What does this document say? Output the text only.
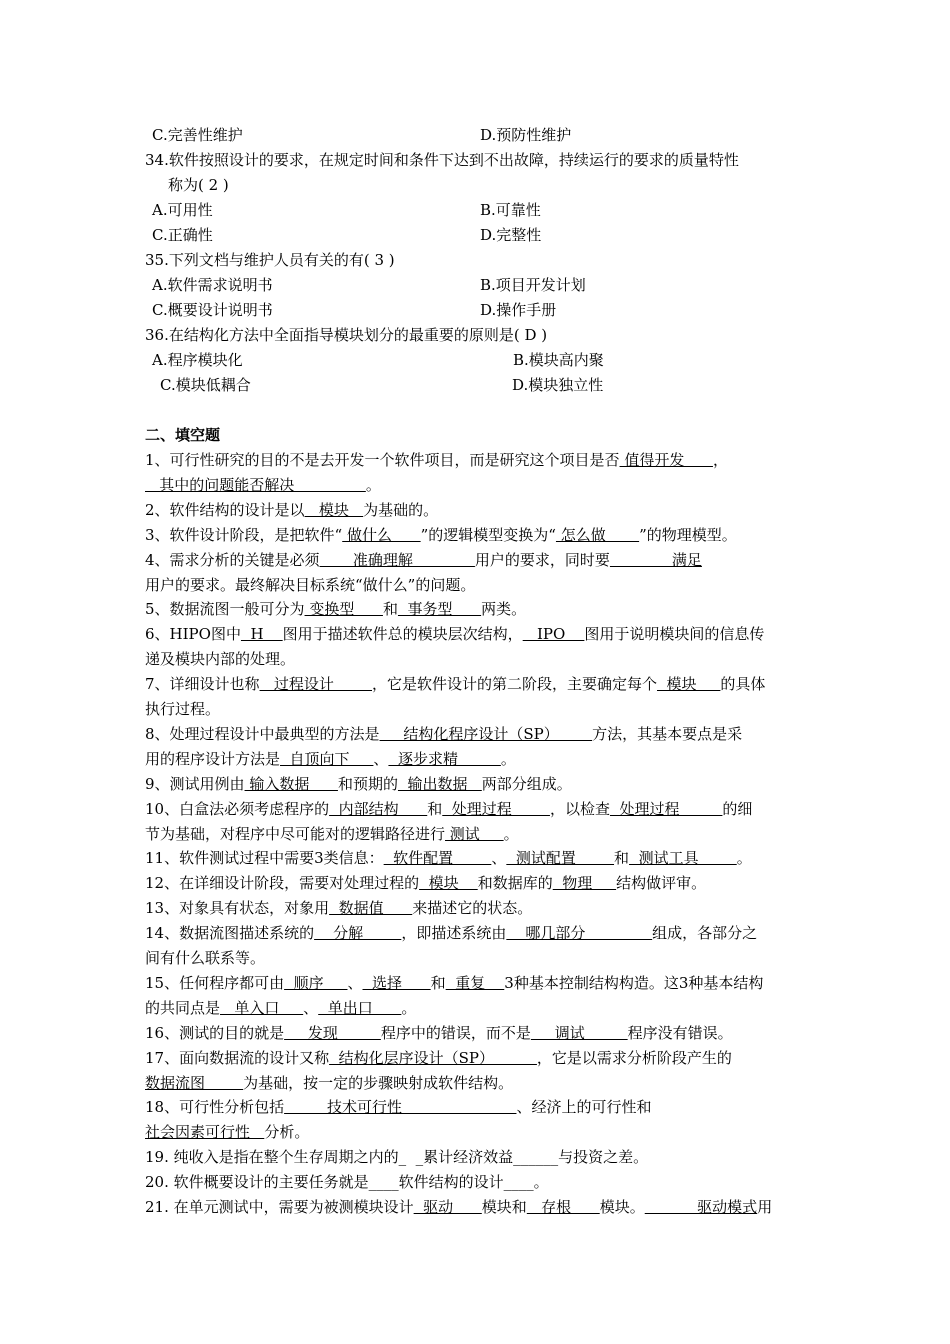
C.完善性维护	D.预防性维护
34.软件按照设计的要求，在规定时间和条件下达到不出故障，持续运行的要求的质量特性
称为( 2 )
A.可用性	B.可靠性
C.正确性	D.完整性
35.下列文档与维护人员有关的有( 3 )
A.软件需求说明书	B.项目开发计划
C.概要设计说明书	D.操作手册
36.在结构化方法中全面指导模块划分的最重要的原则是( D )
A.程序模块化	B.模块高内聚
C.模块低耦合	D.模块独立性
二、填空题
1、可行性研究的目的不是去开发一个软件项目，而是研究这个项目是否 值得开发      ，
其中的问题能否解决               。
2、软件结构的设计是以   模块   为基础的。
3、软件设计阶段，是把软件“ 做什么      ”的逻辑模型变换为“ 怎么做       ”的物理模型。
4、需求分析的关键是必须       准确理解             用户的要求，同时要             满足
用户的要求。最终解决目标系统“做什么”的问题。
5、数据流图一般可分为 变换型      和  事务型      两类。
6、HIPO图中  H    图用于描述软件总的模块层次结构，   IPO    图用于说明模块间的信息传
递及模块内部的处理。
7、详细设计也称   过程设计        ，它是软件设计的第二阶段，主要确定每个  模块     的具体
执行过程。
8、处理过程设计中最典型的方法是     结构化程序设计（SP）       方法，其基本要点是采
用的程序设计方法是  自顶向下     、  逐步求精         。
9、测试用例由 输入数据      和预期的  输出数据   两部分组成。
10、白盒法必须考虑程序的  内部结构      和  处理过程        ，以检查  处理过程         的细
节为基础，对程序中尽可能对的逻辑路径进行 测试     。
11、软件测试过程中需要3类信息：  软件配置        、  测试配置        和  测试工具        。
12、在详细设计阶段，需要对处理过程的  模块    和数据库的  物理     结构做评审。
13、对象具有状态，对象用  数据值      来描述它的状态。
14、数据流图描述系统的    分解        ，即描述系统由    哪几部分              组成，各部分之
间有什么联系等。
15、任何程序都可由  顺序     、  选择      和  重复    3种基本控制结构构造。这3种基本结构
的共同点是   单入口     、  单出口      。
16、测试的目的就是     发现         程序中的错误，而不是     调试         程序没有错误。
17、面向数据流的设计又称  结构化层序设计（SP）         ，它是以需求分析阶段产生的
数据流图        为基础，按一定的步骤映射成软件结构。
18、可行性分析包括         技术可行性                        、经济上的可行性和
社会因素可行性   分析。
19. 纯收入是指在整个生存周期之内的_  _累计经济效益______与投资之差。
20. 软件概要设计的主要任务就是____软件结构的设计____。
21. 在单元测试中，需要为被测模块设计  驱动      模块和   存根      模块。           驱动模式用
